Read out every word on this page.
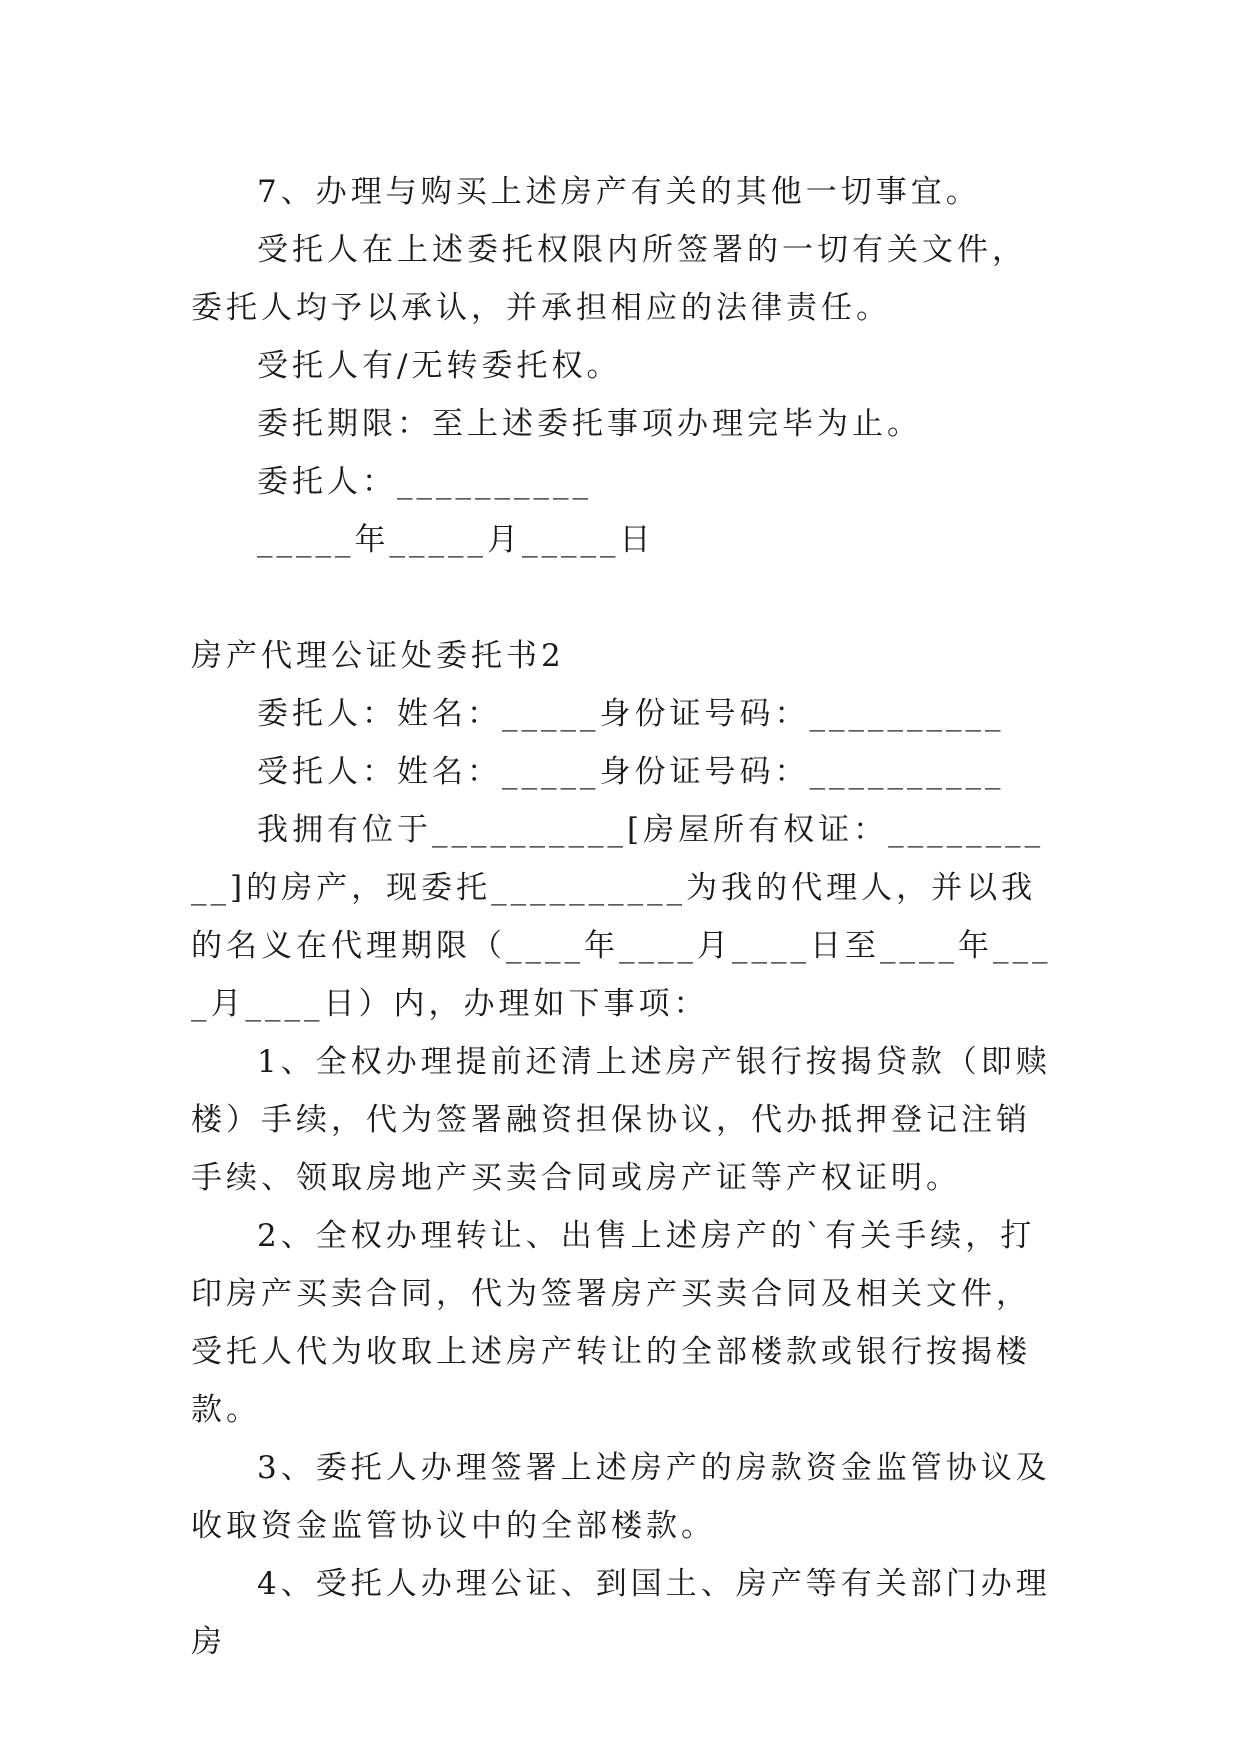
7、办理与购买上述房产有关的其他一切事宜。

受托人在上述委托权限内所签署的一切有关文件，委托人均予以承认，并承担相应的法律责任。

受托人有/无转委托权。

委托期限：至上述委托事项办理完毕为止。

委托人：__________

_____年_____月_____日

房产代理公证处委托书2

委托人：姓名：_____身份证号码：__________

受托人：姓名：_____身份证号码：__________

我拥有位于__________[房屋所有权证：__________]的房产，现委托__________为我的代理人，并以我的名义在代理期限（____年____月____日至____年____月____日）内，办理如下事项：

1、全权办理提前还清上述房产银行按揭贷款（即赎楼）手续，代为签署融资担保协议，代办抵押登记注销手续、领取房地产买卖合同或房产证等产权证明。

2、全权办理转让、出售上述房产的`有关手续，打印房产买卖合同，代为签署房产买卖合同及相关文件，受托人代为收取上述房产转让的全部楼款或银行按揭楼款。

3、委托人办理签署上述房产的房款资金监管协议及收取资金监管协议中的全部楼款。

4、受托人办理公证、到国土、房产等有关部门办理房
